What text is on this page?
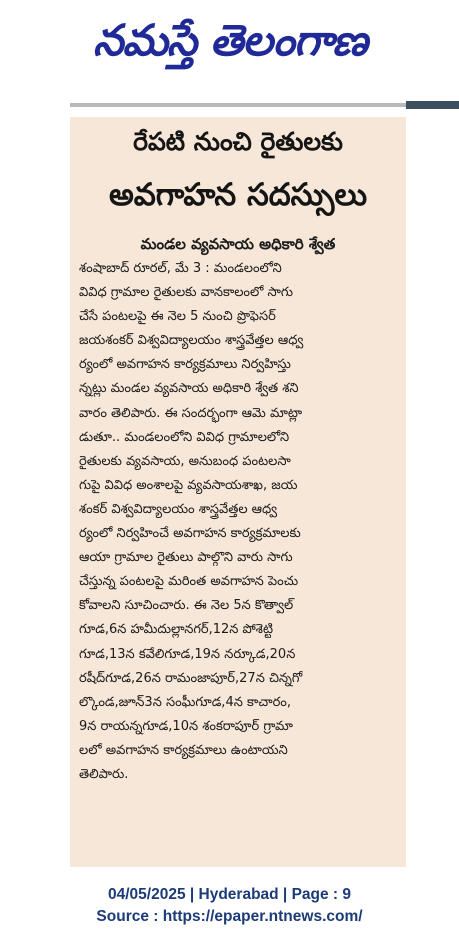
నమస్తే తెలంగాణ
రేపటి నుంచి రైతులకు
అవగాహన సదస్సులు
మండల వ్యవసాయ అధికారి శ్వేత
శంషాబాద్‌ రూరల్‌, మే 3 : మండలంలోని
వివిధ గ్రామాల రైతులకు వానకాలంలో సాగు
చేసే పంటలపై ఈ నెల 5 నుంచి ప్రొఫెసర్‌
జయశంకర్‌ విశ్వవిద్యాలయం శాస్త్రవేత్తల ఆధ్వ
ర్యంలో అవగాహన కార్యక్రమాలు నిర్వహిస్తు
న్నట్లు మండల వ్యవసాయ అధికారి శ్వేత శని
వారం తెలిపారు. ఈ సందర్భంగా ఆమె మాట్లా
డుతూ.. మండలంలోని వివిధ గ్రామాలలోని
రైతులకు వ్యవసాయ, అనుబంధ పంటలసా
గుపై వివిధ అంశాలపై వ్యవసాయశాఖ, జయ
శంకర్‌ విశ్వవిద్యాలయం శాస్త్రవేత్తల ఆధ్వ
ర్యంలో నిర్వహించే అవగాహన కార్యక్రమాలకు
ఆయా గ్రామాల రైతులు పాల్గొని వారు సాగు
చేస్తున్న పంటలపై మరింత అవగాహన పెంచు
కోవాలని సూచించారు. ఈ నెల 5న కొత్వాల్‌
గూడ,6న హమీదుల్లానగర్‌,12న పోశెట్టి
గూడ,13న కవేలిగూడ,19న నర్కూడ,20న
రషీద్‌గూడ,26న రామంజాపూర్‌,27న చిన్నగో
ల్కొండ,జూన్‌3న సంఘీగూడ,4న కాచారం,
9న రాయన్నగూడ,10న శంకరాపూర్‌ గ్రామా
లలో అవగాహన కార్యక్రమాలు ఉంటాయని
తెలిపారు.
04/05/2025 | Hyderabad | Page : 9
Source : https://epaper.ntnews.com/
